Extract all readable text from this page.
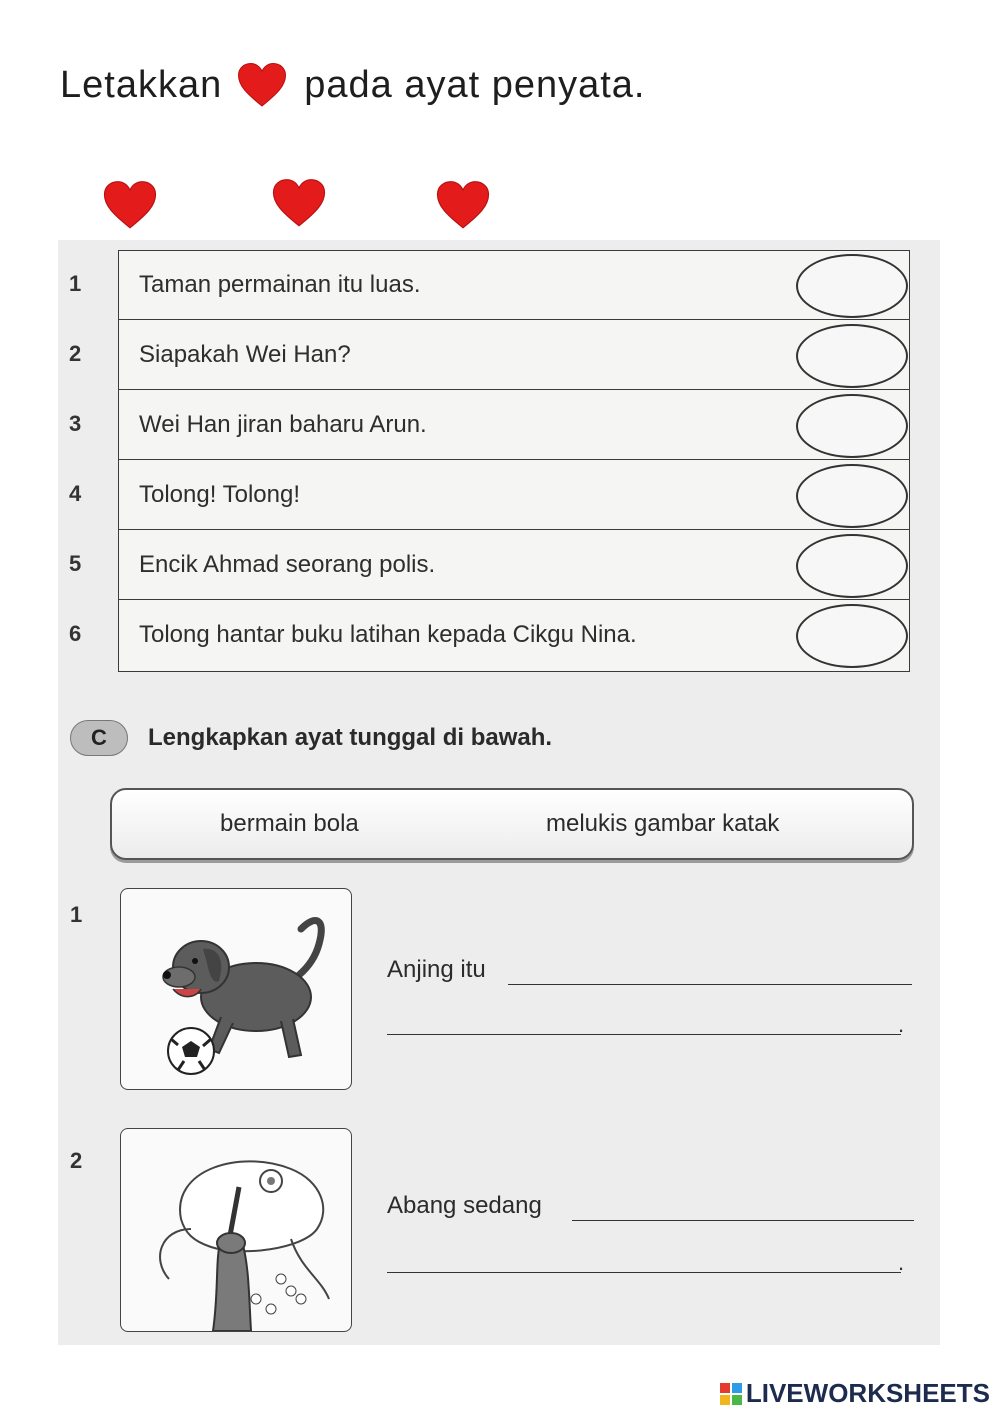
Letakkan pada ayat penyata.
1	Taman permainan itu luas.
2	Siapakah Wei Han?
3	Wei Han jiran baharu Arun.
4	Tolong! Tolong!
5	Encik Ahmad seorang polis.
6	Tolong hantar buku latihan kepada Cikgu Nina.
C	Lengkapkan ayat tunggal di bawah.
bermain bola	melukis gambar katak
1
Anjing itu
.
2
Abang sedang
.
LIVEWORKSHEETS
